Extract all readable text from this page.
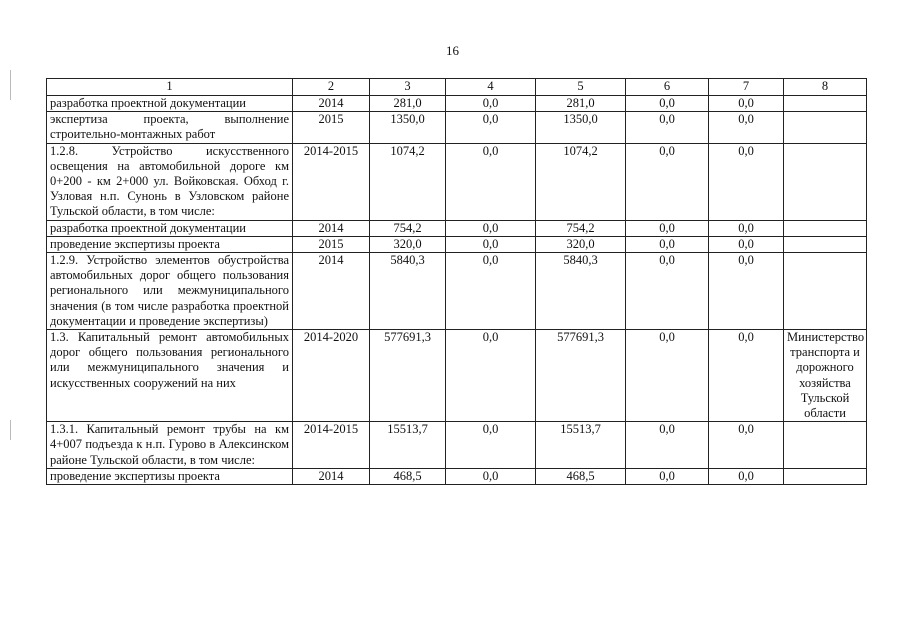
16
1	2	3	4	5	6	7	8
разработка проектной документации	2014	281,0	0,0	281,0	0,0	0,0	
экспертиза проекта, выполнение строительно-монтажных работ	2015	1350,0	0,0	1350,0	0,0	0,0	
1.2.8. Устройство искусственного освещения на автомобильной дороге км 0+200 - км 2+000 ул. Войковская. Обход г. Узловая н.п. Сунонь в Узловском районе Тульской области, в том числе:	2014-2015	1074,2	0,0	1074,2	0,0	0,0	
разработка проектной документации	2014	754,2	0,0	754,2	0,0	0,0	
проведение экспертизы проекта	2015	320,0	0,0	320,0	0,0	0,0	
1.2.9. Устройство элементов обустройства автомобильных дорог общего пользования регионального или межмуниципального значения (в том числе разработка проектной документации и проведение экспертизы)	2014	5840,3	0,0	5840,3	0,0	0,0	
1.3. Капитальный ремонт автомобильных дорог общего пользования регионального или межмуниципального значения и искусственных сооружений на них	2014-2020	577691,3	0,0	577691,3	0,0	0,0	Министерство транспорта и дорожного хозяйства Тульской области
1.3.1. Капитальный ремонт трубы на км 4+007 подъезда к н.п. Гурово в Алексинском районе Тульской области, в том числе:	2014-2015	15513,7	0,0	15513,7	0,0	0,0	
проведение экспертизы проекта	2014	468,5	0,0	468,5	0,0	0,0	
